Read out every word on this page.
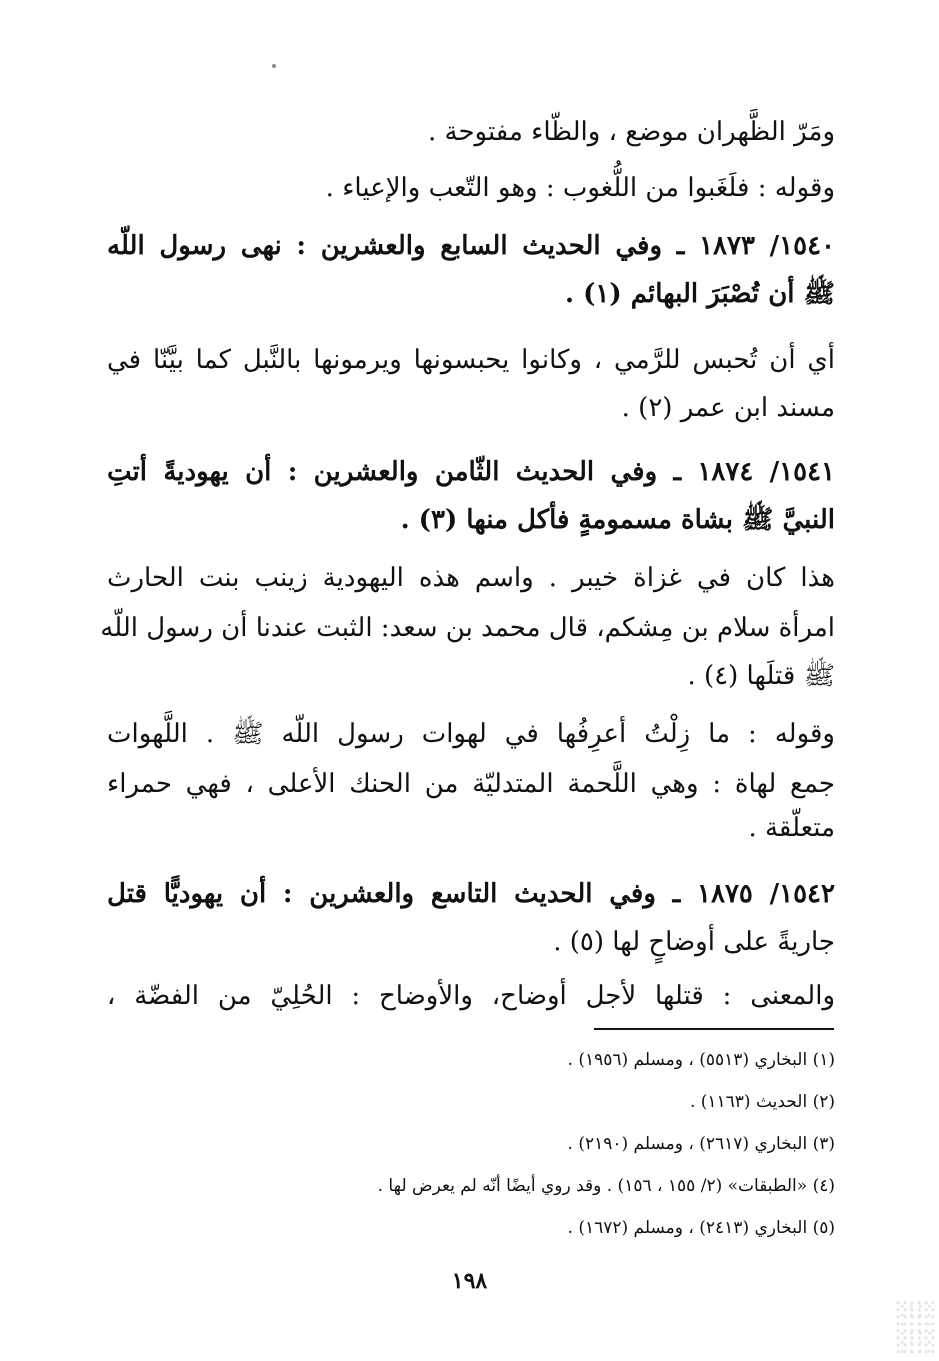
ومَرّ الظَّهران موضع ، والظّاء مفتوحة .
وقوله : فلَغَبوا من اللُّغوب : وهو التّعب والإعياء .
١٥٤٠/ ١٨٧٣ ـ وفي الحديث السابع والعشرين : نهى رسول اللّه
ﷺ أن تُصْبَرَ البهائم (١) .
أي أن تُحبس للرَّمي ، وكانوا يحبسونها ويرمونها بالنَّبل كما بيَّنّا في
مسند ابن عمر (٢) .
١٥٤١/ ١٨٧٤ ـ وفي الحديث الثّامن والعشرين : أن يهوديةً أتتِ
النبيَّ ﷺ بشاة مسمومةٍ فأكل منها (٣) .
هذا كان في غزاة خيبر . واسم هذه اليهودية زينب بنت الحارث
امرأة سلام بن مِشكم، قال محمد بن سعد: الثبت عندنا أن رسول اللّه
ﷺ قتلَها (٤) .
وقوله : ما زِلْتُ أعرِفُها في لهوات رسول اللّه ﷺ . اللَّهوات
جمع لهاة : وهي اللَّحمة المتدليّة من الحنك الأعلى ، فهي حمراء
متعلّقة .
١٥٤٢/ ١٨٧٥ ـ وفي الحديث التاسع والعشرين : أن يهوديًّا قتل
جاريةً على أوضاحٍ لها (٥) .
والمعنى : قتلها لأجل أوضاح، والأوضاح : الحُلِيّ من الفضّة ،
(١) البخاري (٥٥١٣) ، ومسلم (١٩٥٦) .
(٢) الحديث (١١٦٣) .
(٣) البخاري (٢٦١٧) ، ومسلم (٢١٩٠) .
(٤) «الطبقات» (٢/ ١٥٥ ، ١٥٦) . وقد روي أيضًا أنّه لم يعرض لها .
(٥) البخاري (٢٤١٣) ، ومسلم (١٦٧٢) .
١٩٨
